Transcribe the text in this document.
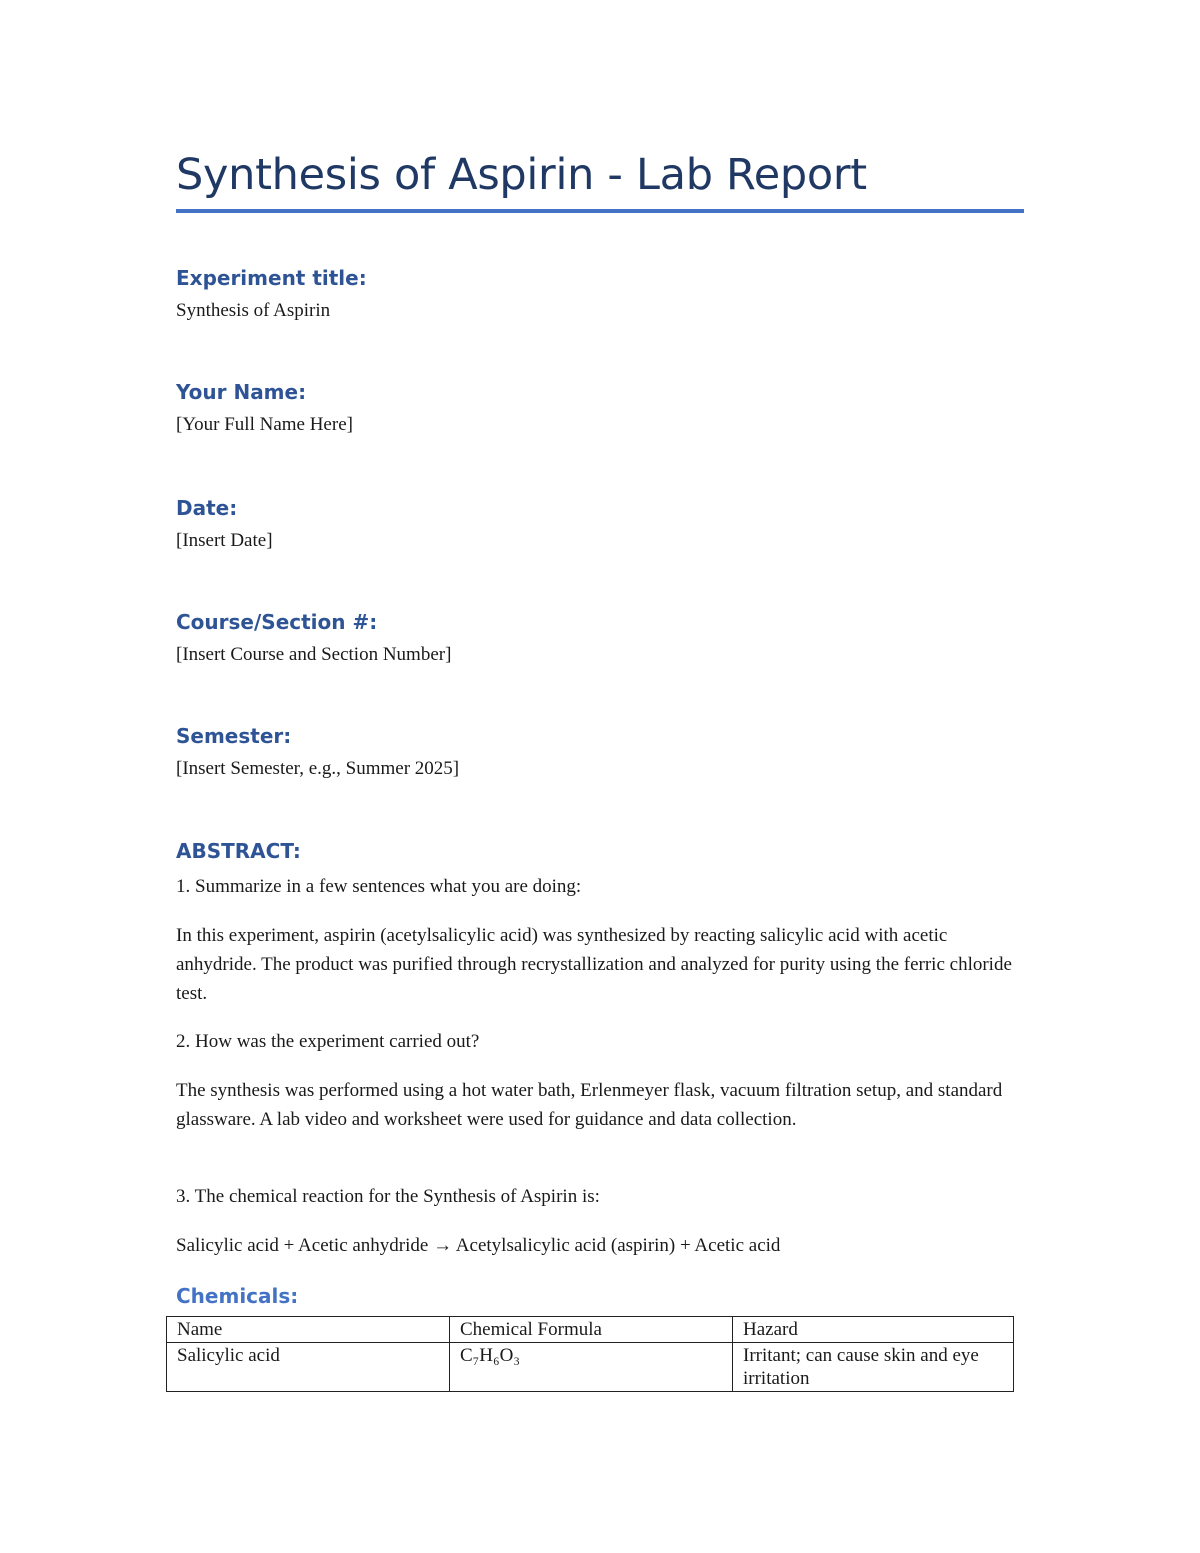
Synthesis of Aspirin - Lab Report

Experiment title:

Synthesis of Aspirin

Your Name:

[Your Full Name Here]

Date:

[Insert Date]

Course/Section #:

[Insert Course and Section Number]

Semester:

[Insert Semester, e.g., Summer 2025]

ABSTRACT:

1. Summarize in a few sentences what you are doing:

In this experiment, aspirin (acetylsalicylic acid) was synthesized by reacting salicylic acid with acetic anhydride. The product was purified through recrystallization and analyzed for purity using the ferric chloride test.

2. How was the experiment carried out?

The synthesis was performed using a hot water bath, Erlenmeyer flask, vacuum filtration setup, and standard glassware. A lab video and worksheet were used for guidance and data collection.

3. The chemical reaction for the Synthesis of Aspirin is:

Salicylic acid + Acetic anhydride → Acetylsalicylic acid (aspirin) + Acetic acid

Chemicals:

Name	Chemical Formula	Hazard
Salicylic acid	C₇H₆O₃	Irritant; can cause skin and eye irritation
